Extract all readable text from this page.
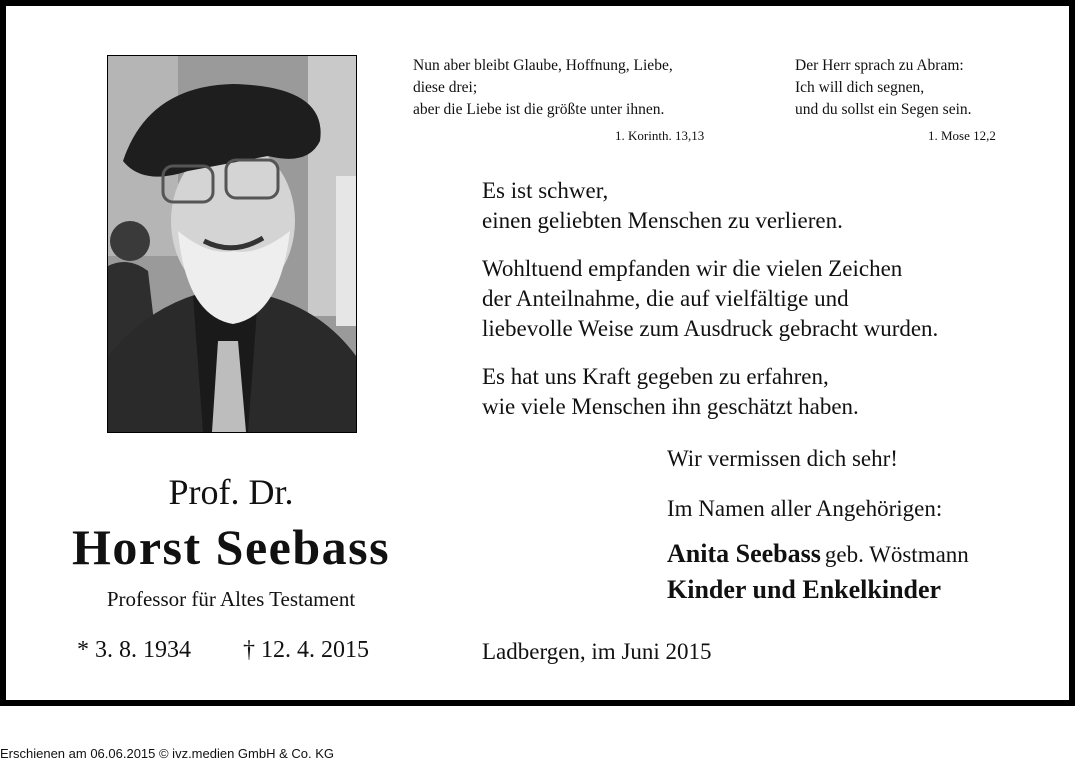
Nun aber bleibt Glaube, Hoffnung, Liebe,
diese drei;
aber die Liebe ist die größte unter ihnen.
1. Korinth. 13,13
Der Herr sprach zu Abram:
Ich will dich segnen,
und du sollst ein Segen sein.
1. Mose 12,2
Es ist schwer,
einen geliebten Menschen zu verlieren.
Wohltuend empfanden wir die vielen Zeichen
der Anteilnahme, die auf vielfältige und
liebevolle Weise zum Ausdruck gebracht wurden.
Es hat uns Kraft gegeben zu erfahren,
wie viele Menschen ihn geschätzt haben.
Prof. Dr.
Horst Seebass
Professor für Altes Testament
* 3. 8. 1934 † 12. 4. 2015
Wir vermissen dich sehr!
Im Namen aller Angehörigen:
Anita Seebass geb. Wöstmann
Kinder und Enkelkinder
Ladbergen, im Juni 2015
Erschienen am 06.06.2015 © ivz.medien GmbH & Co. KG
